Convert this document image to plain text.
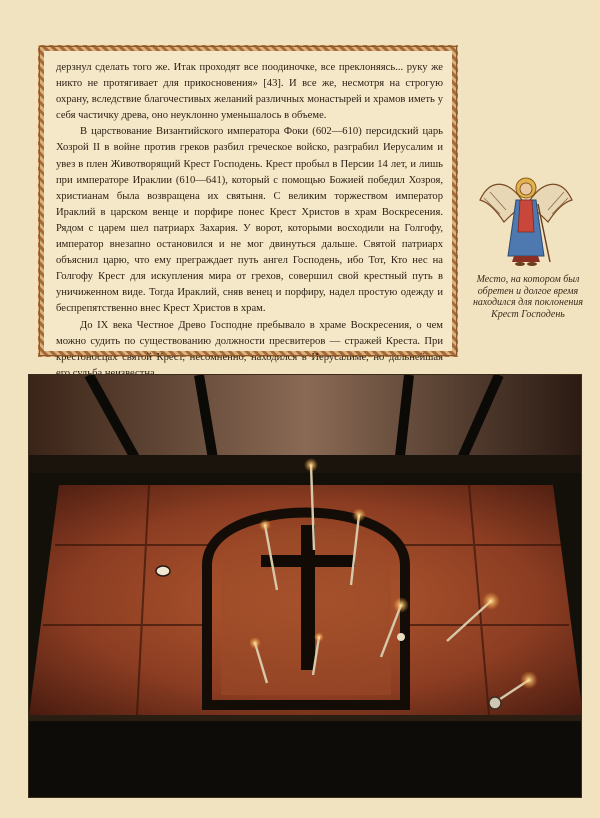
дерзнул сделать того же. Итак проходят все поодиночке, все преклоняясь... руку же никто не протягивает для прикосновения» [43]. И все же, несмотря на строгую охрану, вследствие благочестивых желаний различных монастырей и храмов иметь у себя частичку древа, оно неуклонно уменьшалось в объеме.

В царствование Византийского императора Фоки (602—610) персидский царь Хозрой II в войне против греков разбил греческое войско, разграбил Иерусалим и увез в плен Животворящий Крест Господень. Крест пробыл в Персии 14 лет, и лишь при императоре Ираклии (610—641), который с помощью Божией победил Хозроя, христианам была возвращена их святыня. С великим торжеством император Ираклий в царском венце и порфире понес Крест Христов в храм Воскресения. Рядом с царем шел патриарх Захария. У ворот, которыми восходили на Голгофу, император внезапно остановился и не мог двинуться дальше. Святой патриарх объяснил царю, что ему преграждает путь ангел Господень, ибо Тот, Кто нес на Голгофу Крест для искупления мира от грехов, совершил свой крестный путь в уничиженном виде. Тогда Ираклий, сняв венец и порфиру, надел простую одежду и беспрепятственно внес Крест Христов в храм.

До IX века Честное Древо Господне пребывало в храме Воскресения, о чем можно судить по существованию должности пресвитеров — стражей Креста. При крестоносцах святой Крест, несомненно, находился в Иерусалиме, но дальнейшая

Место, на котором был обретен и долгое время находился для поклонения Крест Господень
